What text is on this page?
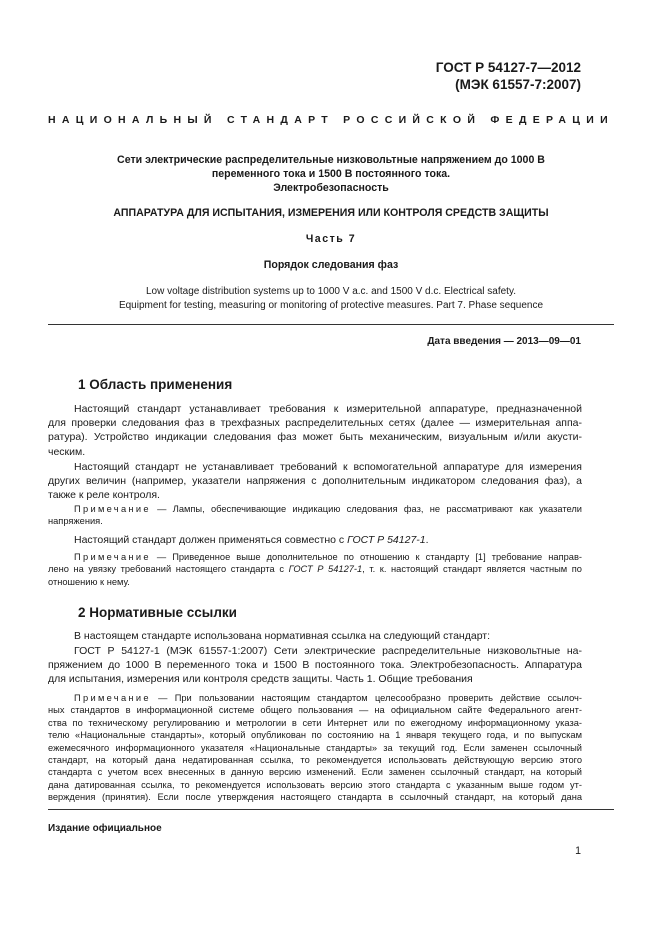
ГОСТ Р 54127-7—2012
(МЭК 61557-7:2007)
НАЦИОНАЛЬНЫЙ СТАНДАРТ РОССИЙСКОЙ ФЕДЕРАЦИИ
Сети электрические распределительные низковольтные напряжением до 1000 В
переменного тока и 1500 В постоянного тока.
Электробезопасность
АППАРАТУРА ДЛЯ ИСПЫТАНИЯ, ИЗМЕРЕНИЯ ИЛИ КОНТРОЛЯ СРЕДСТВ ЗАЩИТЫ
Часть 7
Порядок следования фаз
Low voltage distribution systems up to 1000 V a.c. and 1500 V d.c. Electrical safety.
Equipment for testing, measuring or monitoring of protective measures. Part 7. Phase sequence
Дата введения — 2013—09—01
1 Область применения
Настоящий стандарт устанавливает требования к измерительной аппаратуре, предназначенной
для проверки следования фаз в трехфазных распределительных сетях (далее — измерительная аппа-
ратура). Устройство индикации следования фаз может быть механическим, визуальным и/или акусти-
ческим.
Настоящий стандарт не устанавливает требований к вспомогательной аппаратуре для измерения
других величин (например, указатели напряжения с дополнительным индикатором следования фаз), а
также к реле контроля.
Примечание — Лампы, обеспечивающие индикацию следования фаз, не рассматривают как указатели
напряжения.
Настоящий стандарт должен применяться совместно с ГОСТ Р 54127-1.
Примечание — Приведенное выше дополнительное по отношению к стандарту [1] требование направ-
лено на увязку требований настоящего стандарта с ГОСТ Р 54127-1, т. к. настоящий стандарт является частным по
отношению к нему.
2 Нормативные ссылки
В настоящем стандарте использована нормативная ссылка на следующий стандарт:
ГОСТ Р 54127-1 (МЭК 61557-1:2007) Сети электрические распределительные низковольтные на-
пряжением до 1000 В переменного тока и 1500 В постоянного тока. Электробезопасность. Аппаратура
для испытания, измерения или контроля средств защиты. Часть 1. Общие требования
Примечание — При пользовании настоящим стандартом целесообразно проверить действие ссылоч-
ных стандартов в информационной системе общего пользования — на официальном сайте Федерального агент-
ства по техническому регулированию и метрологии в сети Интернет или по ежегодному информационному указа-
телю «Национальные стандарты», который опубликован по состоянию на 1 января текущего года, и по выпускам
ежемесячного информационного указателя «Национальные стандарты» за текущий год. Если заменен ссылочный
стандарт, на который дана недатированная ссылка, то рекомендуется использовать действующую версию этого
стандарта с учетом всех внесенных в данную версию изменений. Если заменен ссылочный стандарт, на который
дана датированная ссылка, то рекомендуется использовать версию этого стандарта с указанным выше годом ут-
верждения (принятия). Если после утверждения настоящего стандарта в ссылочный стандарт, на который дана
Издание официальное
1
